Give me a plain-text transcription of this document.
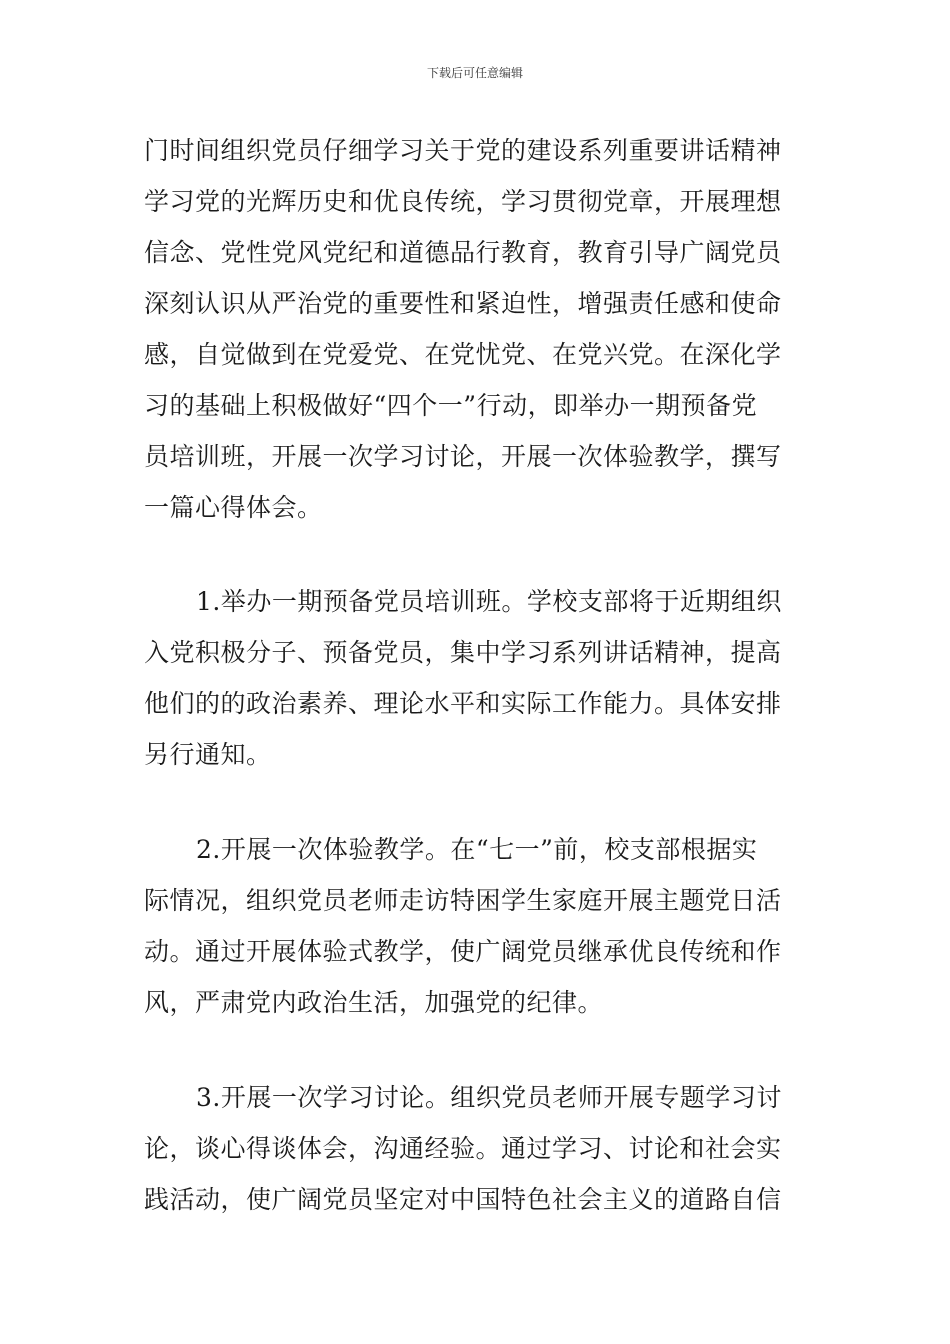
下载后可任意编辑
门时间组织党员仔细学习关于党的建设系列重要讲话精神
学习党的光辉历史和优良传统，学习贯彻党章，开展理想
信念、党性党风党纪和道德品行教育，教育引导广阔党员
深刻认识从严治党的重要性和紧迫性，增强责任感和使命
感，自觉做到在党爱党、在党忧党、在党兴党。在深化学
习的基础上积极做好“四个一”行动，即举办一期预备党
员培训班，开展一次学习讨论，开展一次体验教学，撰写
一篇心得体会。
1.举办一期预备党员培训班。学校支部将于近期组织
入党积极分子、预备党员，集中学习系列讲话精神，提高
他们的的政治素养、理论水平和实际工作能力。具体安排
另行通知。
2.开展一次体验教学。在“七一”前，校支部根据实
际情况，组织党员老师走访特困学生家庭开展主题党日活
动。通过开展体验式教学，使广阔党员继承优良传统和作
风，严肃党内政治生活，加强党的纪律。
3.开展一次学习讨论。组织党员老师开展专题学习讨
论，谈心得谈体会，沟通经验。通过学习、讨论和社会实
践活动，使广阔党员坚定对中国特色社会主义的道路自信
